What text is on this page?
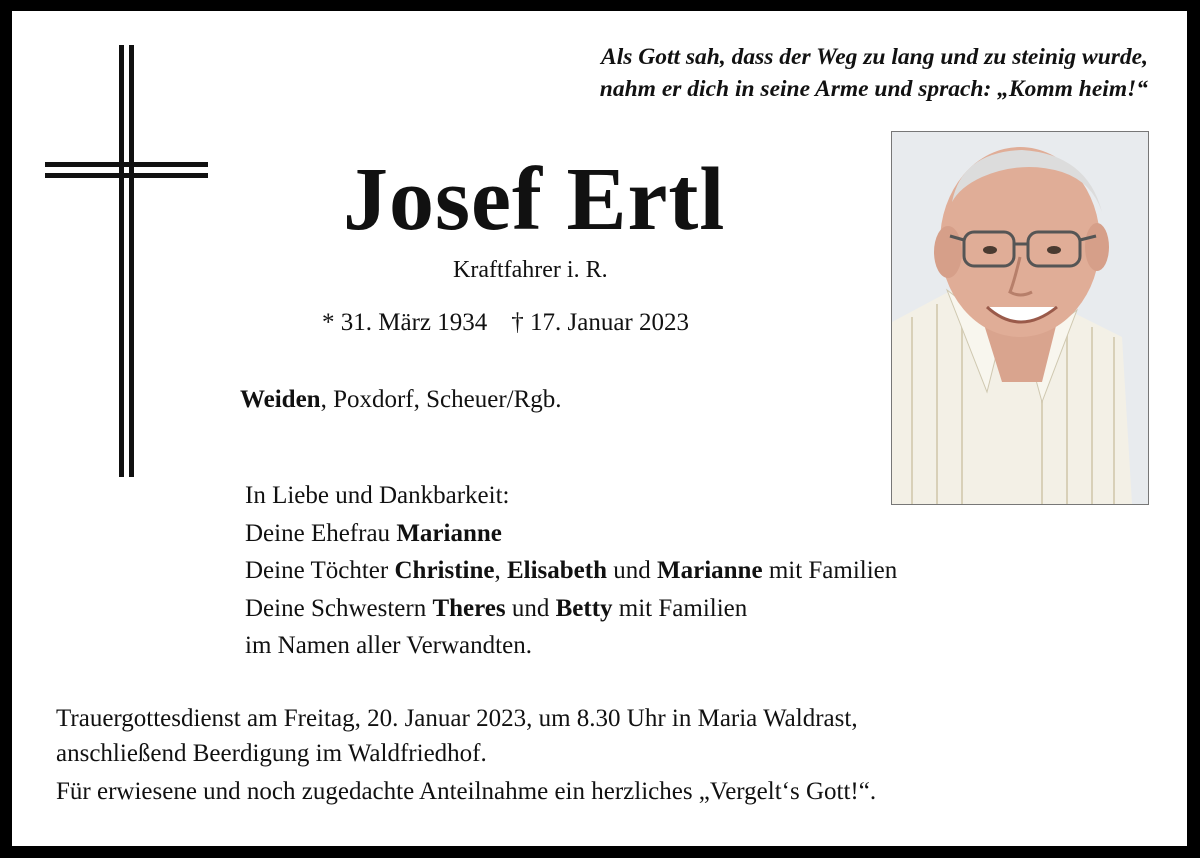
Als Gott sah, dass der Weg zu lang und zu steinig wurde,
nahm er dich in seine Arme und sprach: „Komm heim!“
Josef Ertl
Kraftfahrer i. R.
* 31. März 1934 † 17. Januar 2023
Weiden, Poxdorf, Scheuer/Rgb.
In Liebe und Dankbarkeit:
Deine Ehefrau Marianne
Deine Töchter Christine, Elisabeth und Marianne mit Familien
Deine Schwestern Theres und Betty mit Familien
im Namen aller Verwandten.
Trauergottesdienst am Freitag, 20. Januar 2023, um 8.30 Uhr in Maria Waldrast,
anschließend Beerdigung im Waldfriedhof.
Für erwiesene und noch zugedachte Anteilnahme ein herzliches „Vergelt‘s Gott!“.
